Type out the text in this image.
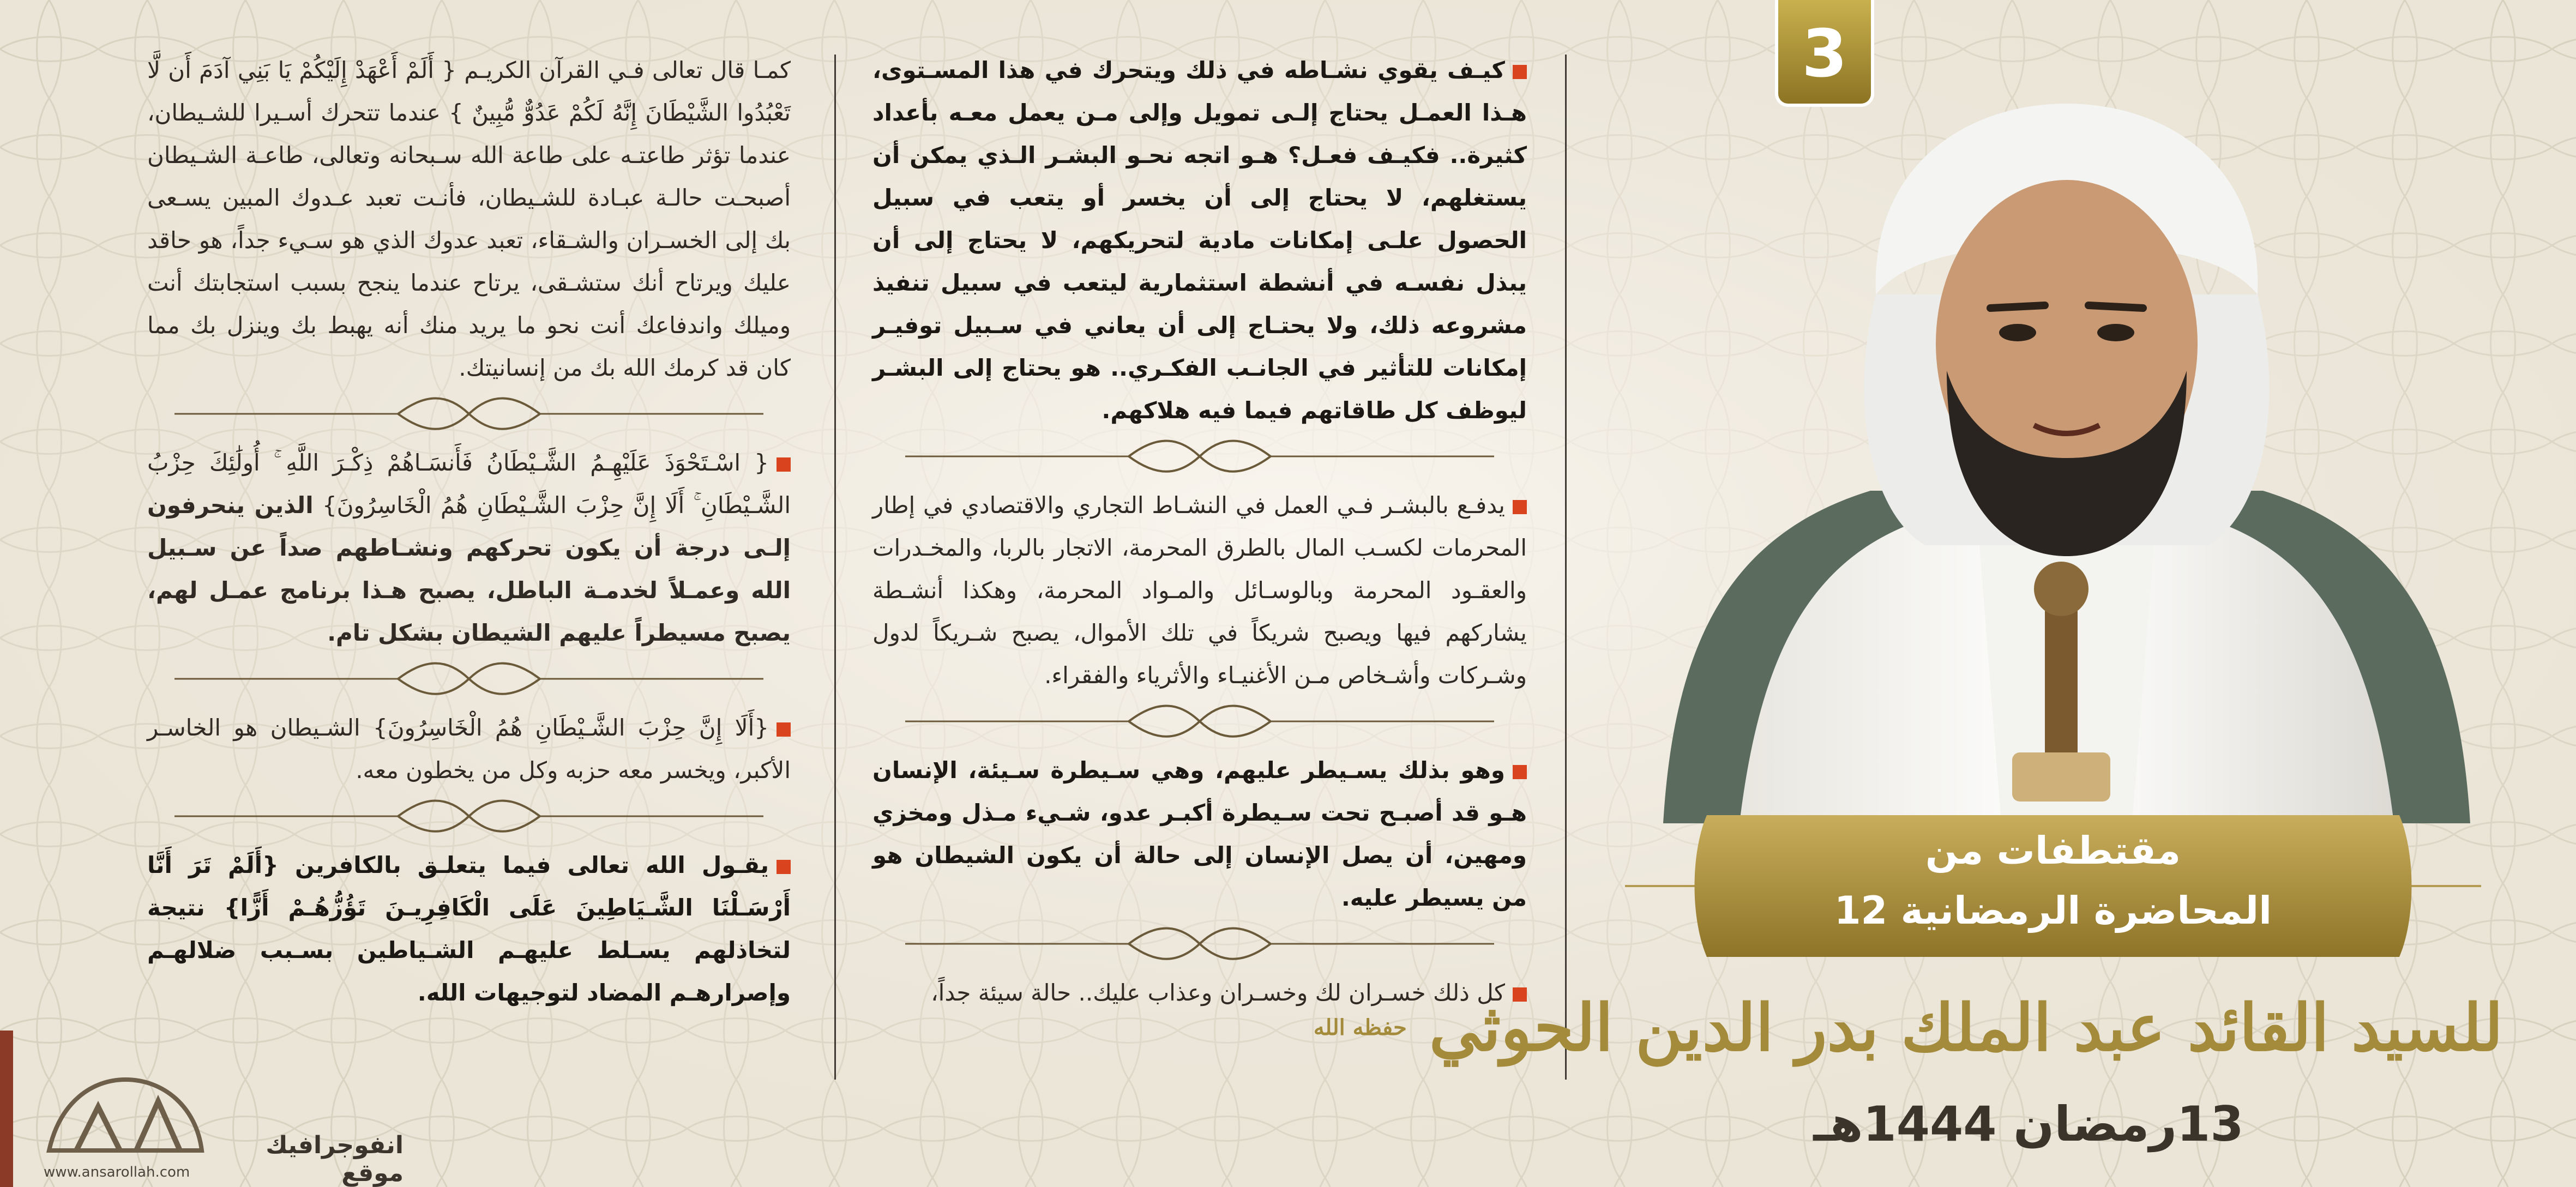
كيـف يقوي نشـاطه في ذلك ويتحرك في هذا المسـتوى، هـذا العمـل يحتاج إلـى تمويل وإلى مـن يعمل معـه بأعداد كثيرة.. فكيـف فعـل؟ هـو اتجه نحـو البشـر الـذي يمكن أن يستغلهم، لا يحتاج إلى أن يخسر أو يتعب في سبيل الحصول علـى إمكانات مادية لتحريكهم، لا يحتاج إلى أن يبذل نفسـه في أنشطة استثمارية ليتعب في سبيل تنفيذ مشروعه ذلك، ولا يحتـاج إلى أن يعاني في سـبيل توفيـر إمكانات للتأثير في الجانـب الفكـري.. هو يحتاج إلى البشـر ليوظف كل طاقاتهم فيما فيه هلاكهم.

يدفـع بالبشـر فـي العمل في النشـاط التجاري والاقتصادي في إطار المحرمات لكسـب المال بالطرق المحرمة، الاتجار بالربا، والمخـدرات والعقـود المحرمة وبالوسـائل والمـواد المحرمة، وهكذا أنشـطة يشاركهم فيها ويصبح شريكاً في تلك الأموال، يصبح شـريكاً لدول وشـركات وأشـخاص مـن الأغنيـاء والأثرياء والفقراء.

وهو بذلك يسـيطر عليهم، وهي سـيطرة سـيئة، الإنسان هـو قد أصبـح تحت سـيطرة أكبـر عدو، شـيء مـذل ومخزي ومهين، أن يصل الإنسان إلى حالة أن يكون الشيطان هو من يسيطر عليه.

كل ذلك خسـران لك وخسـران وعذاب عليك.. حالة سيئة جداً،

كمـا قال تعالى فـي القرآن الكريـم { أَلَمْ أَعْهَدْ إِلَيْكُمْ يَا بَنِي آدَمَ أَن لَّا تَعْبُدُوا الشَّيْطَانَ إِنَّهُ لَكُمْ عَدُوٌّ مُّبِينٌ } عندما تتحرك أسـيرا للشـيطان، عندما تؤثر طاعتـه على طاعة الله سـبحانه وتعالى، طاعـة الشـيطان أصبحـت حالـة عبـادة للشـيطان، فأنـت تعبد عـدوك المبين يسـعى بك إلى الخسـران والشـقاء، تعبد عدوك الذي هو سـيء جداً، هو حاقد عليك ويرتاح أنك ستشـقى، يرتاح عندما ينجح بسبب استجابتك أنت وميلك واندفاعك أنت نحو ما يريد منك أنه يهبط بك وينزل بك مما كان قد كرمك الله بك من إنسانيتك.

{ اسْـتَحْوَذَ عَلَيْهِـمُ الشَّـيْطَانُ فَأَنسَـاهُمْ ذِكْـرَ اللَّهِ ۚ أُولَٰئِكَ حِزْبُ الشَّـيْطَانِ ۚ أَلَا إِنَّ حِزْبَ الشَّـيْطَانِ هُمُ الْخَاسِرُونَ} الذين ينحرفون إلـى درجة أن يكون تحركهم ونشـاطهم صداً عن سـبيل الله وعمـلاً لخدمـة الباطل، يصبح هـذا برنامج عمـل لهم، يصبح مسيطراً عليهم الشيطان بشكل تام.

{أَلَا إِنَّ حِزْبَ الشَّـيْطَانِ هُمُ الْخَاسِرُونَ} الشـيطان هو الخاسـر الأكبر، ويخسر معه حزبه وكل من يخطون معه.

يقـول الله تعالى فيما يتعلـق بالكافرين {أَلَمْ تَرَ أَنَّا أَرْسَـلْنَا الشَّـيَاطِينَ عَلَى الْكَافِرِيـنَ تَؤُزُّهُـمْ أَزًّا} نتيجة لتخاذلهم يسـلط عليهـم الشـياطين بسـبب ضلالهـم وإصرارهـم المضاد لتوجيهات الله.

3
مقتطفات من
المحاضرة الرمضانية 12
للسيد القائد عبد الملك بدر الدين الحوثي $^{حفظه الله}$
13رمضان 1444هـ
انفوجرافيك موقع
www.ansarollah.com
